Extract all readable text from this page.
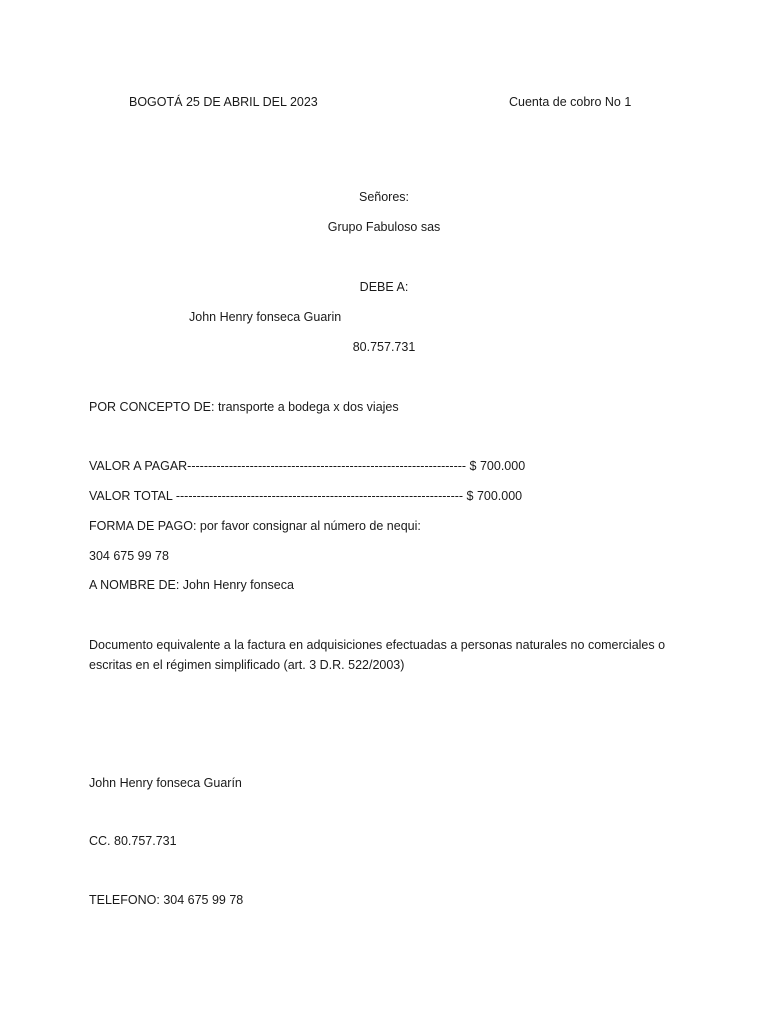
BOGOTÁ 25 DE ABRIL DEL 2023	Cuenta de cobro No 1
Señores:
Grupo Fabuloso sas
DEBE A:
John Henry fonseca Guarin
80.757.731
POR CONCEPTO DE: transporte a bodega x dos viajes
VALOR A PAGAR------------------------------------------------------------------- $ 700.000
VALOR TOTAL --------------------------------------------------------------------- $ 700.000
FORMA DE PAGO: por favor consignar al número de nequi:
304 675 99 78
A NOMBRE DE: John Henry fonseca
Documento equivalente a la factura en adquisiciones efectuadas a personas naturales no comerciales o escritas en el régimen simplificado (art. 3 D.R. 522/2003)
John Henry fonseca Guarín
CC. 80.757.731
TELEFONO: 304 675 99 78
